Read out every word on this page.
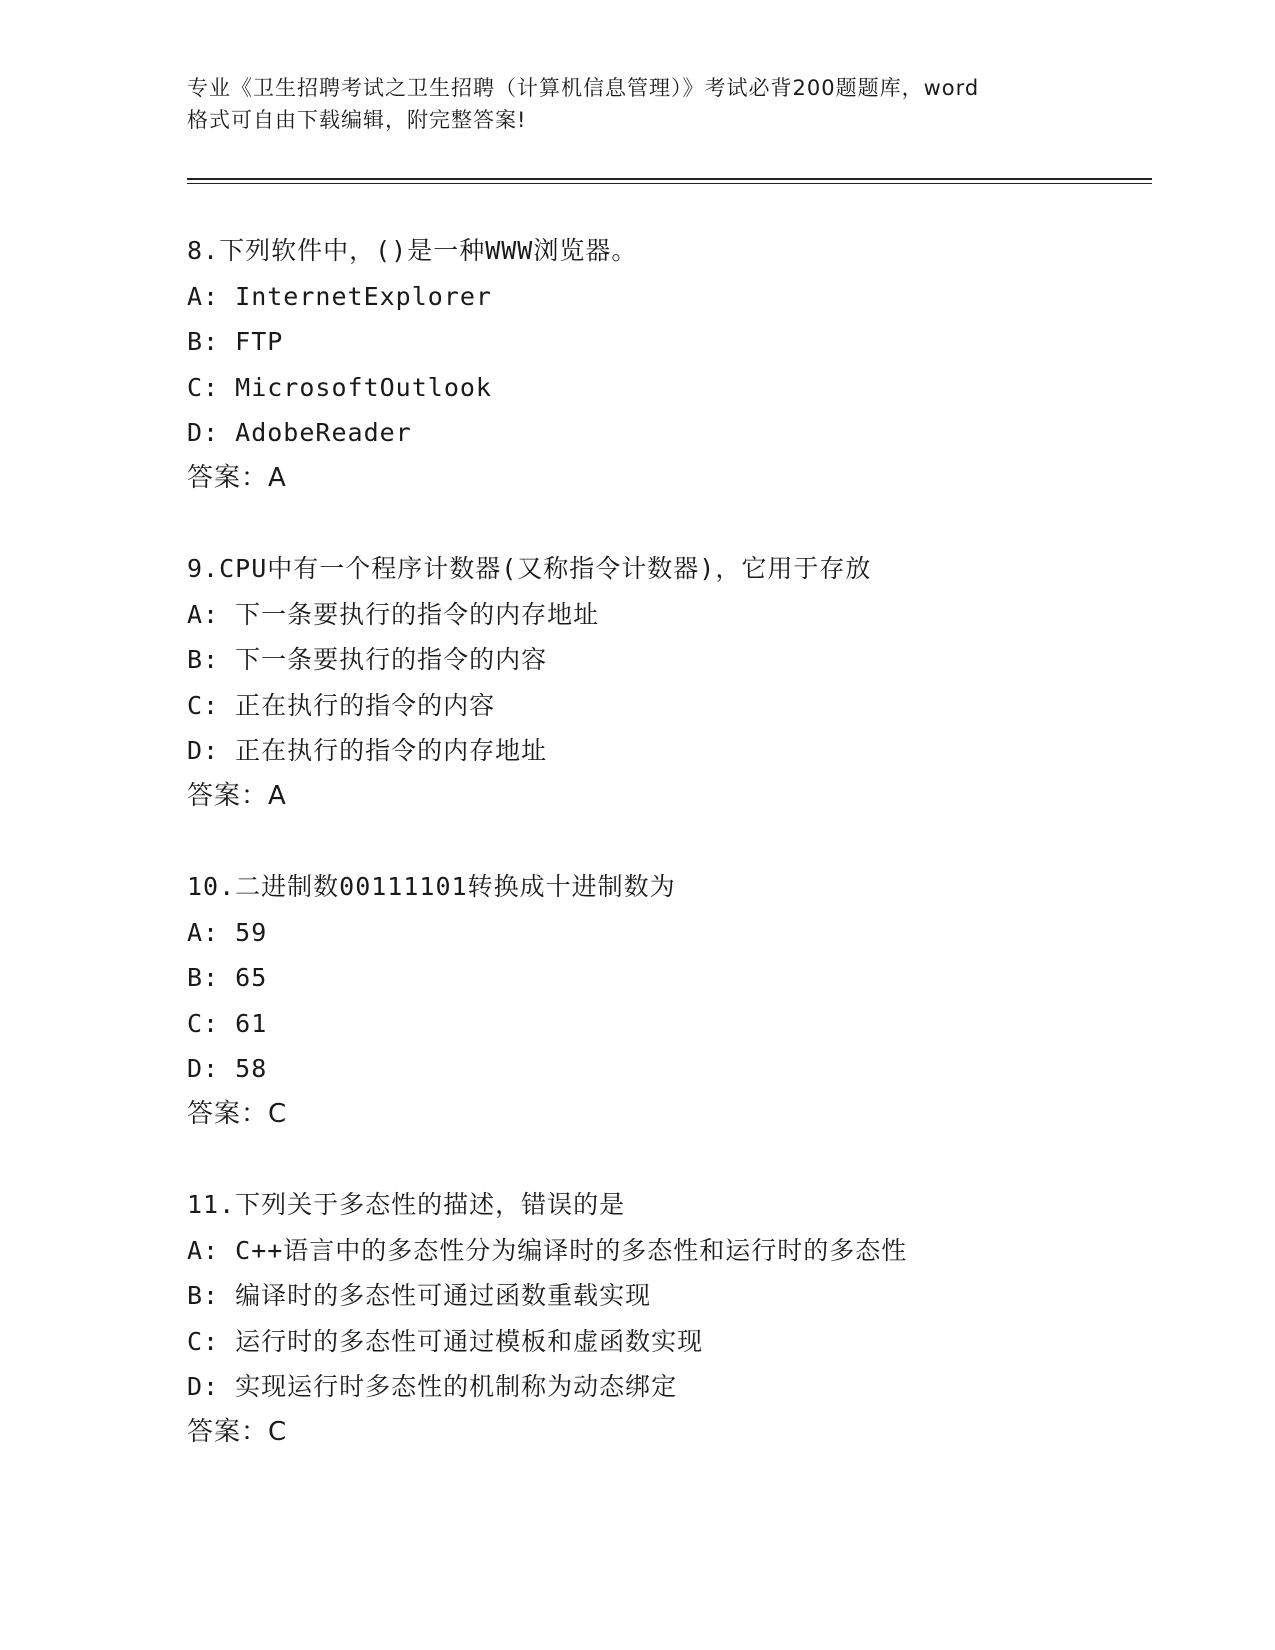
专业《卫生招聘考试之卫生招聘（计算机信息管理）》考试必背200题题库，word
格式可自由下载编辑，附完整答案!
8.下列软件中，()是一种WWW浏览器。
A: InternetExplorer
B: FTP
C: MicrosoftOutlook
D: AdobeReader
答案：A
9.CPU中有一个程序计数器(又称指令计数器)，它用于存放
A: 下一条要执行的指令的内存地址
B: 下一条要执行的指令的内容
C: 正在执行的指令的内容
D: 正在执行的指令的内存地址
答案：A
10.二进制数00111101转换成十进制数为
A: 59
B: 65
C: 61
D: 58
答案：C
11.下列关于多态性的描述，错误的是
A: C++语言中的多态性分为编译时的多态性和运行时的多态性
B: 编译时的多态性可通过函数重载实现
C: 运行时的多态性可通过模板和虚函数实现
D: 实现运行时多态性的机制称为动态绑定
答案：C
